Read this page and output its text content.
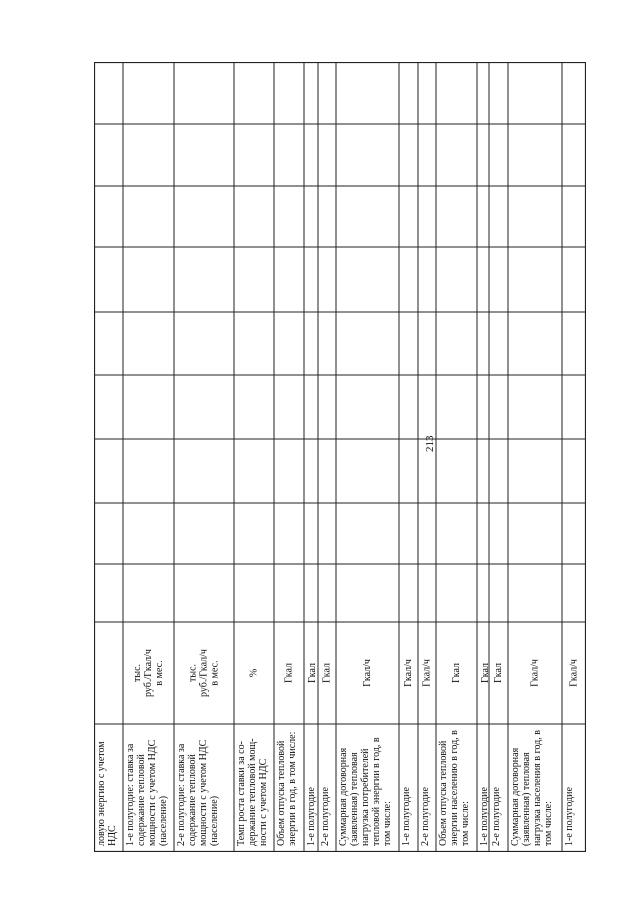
213
ловую энергию с учетом НДС 1-е полугодие: ставка за содержание тепловой мощности с учетом НДС (население)
тыс. руб./Гкал/ч в мес.
2-е полугодие: ставка за содержание тепловой мощности с учетом НДС (население)
тыс. руб./Гкал/ч в мес.
Темп роста ставки за со- держание тепловой мощ- ности с учетом НДС
%
Объем отпуска тепловой энергии в год, в том числе:
Гкал
1-е полугодие
Гкал
2-е полугодие
Гкал
Суммарная договорная (заявленная) тепловая нагрузка потребителей тепловой энергии в год, в том числе:
Гкал/ч
1-е полугодие
Гкал/ч
2-е полугодие
Гкал/ч
Объем отпуска тепловой энергии населению в год, в том числе:
Гкал
1-е полугодие
Гкал
2-е полугодие
Гкал
Суммарная договорная (заявленная) тепловая нагрузка населения в год, в том числе:
Гкал/ч
1-е полугодие
Гкал/ч
